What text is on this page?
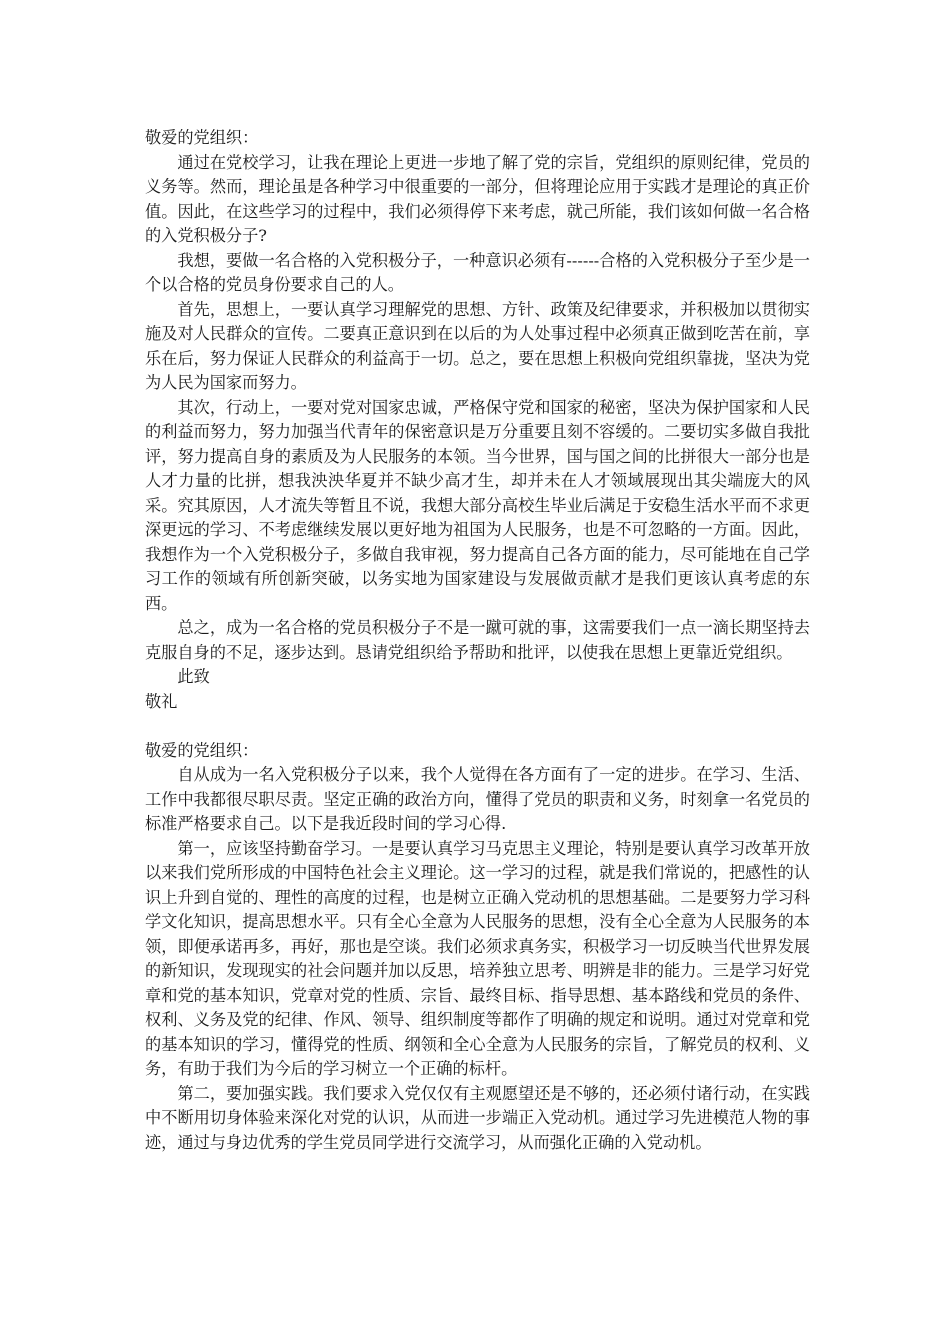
敬爱的党组织：

通过在党校学习，让我在理论上更进一步地了解了党的宗旨，党组织的原则纪律，党员的义务等。然而，理论虽是各种学习中很重要的一部分，但将理论应用于实践才是理论的真正价值。因此，在这些学习的过程中，我们必须得停下来考虑，就己所能，我们该如何做一名合格的入党积极分子?

我想，要做一名合格的入党积极分子，一种意识必须有------合格的入党积极分子至少是一个以合格的党员身份要求自己的人。

首先，思想上，一要认真学习理解党的思想、方针、政策及纪律要求，并积极加以贯彻实施及对人民群众的宣传。二要真正意识到在以后的为人处事过程中必须真正做到吃苦在前，享乐在后，努力保证人民群众的利益高于一切。总之，要在思想上积极向党组织靠拢，坚决为党为人民为国家而努力。

其次，行动上，一要对党对国家忠诚，严格保守党和国家的秘密，坚决为保护国家和人民的利益而努力，努力加强当代青年的保密意识是万分重要且刻不容缓的。二要切实多做自我批评，努力提高自身的素质及为人民服务的本领。当今世界，国与国之间的比拼很大一部分也是人才力量的比拼，想我泱泱华夏并不缺少高才生，却并未在人才领域展现出其尖端庞大的风采。究其原因，人才流失等暂且不说，我想大部分高校生毕业后满足于安稳生活水平而不求更深更远的学习、不考虑继续发展以更好地为祖国为人民服务，也是不可忽略的一方面。因此，我想作为一个入党积极分子，多做自我审视，努力提高自己各方面的能力，尽可能地在自己学习工作的领域有所创新突破，以务实地为国家建设与发展做贡献才是我们更该认真考虑的东西。

总之，成为一名合格的党员积极分子不是一蹴可就的事，这需要我们一点一滴长期坚持去克服自身的不足，逐步达到。恳请党组织给予帮助和批评，以使我在思想上更靠近党组织。

此致

敬礼

敬爱的党组织：

自从成为一名入党积极分子以来，我个人觉得在各方面有了一定的进步。在学习、生活、工作中我都很尽职尽责。坚定正确的政治方向，懂得了党员的职责和义务，时刻拿一名党员的标准严格要求自己。以下是我近段时间的学习心得.

第一，应该坚持勤奋学习。一是要认真学习马克思主义理论，特别是要认真学习改革开放以来我们党所形成的中国特色社会主义理论。这一学习的过程，就是我们常说的，把感性的认识上升到自觉的、理性的高度的过程，也是树立正确入党动机的思想基础。二是要努力学习科学文化知识，提高思想水平。只有全心全意为人民服务的思想，没有全心全意为人民服务的本领，即便承诺再多，再好，那也是空谈。我们必须求真务实，积极学习一切反映当代世界发展的新知识，发现现实的社会问题并加以反思，培养独立思考、明辨是非的能力。三是学习好党章和党的基本知识，党章对党的性质、宗旨、最终目标、指导思想、基本路线和党员的条件、权利、义务及党的纪律、作风、领导、组织制度等都作了明确的规定和说明。通过对党章和党的基本知识的学习，懂得党的性质、纲领和全心全意为人民服务的宗旨，了解党员的权利、义务，有助于我们为今后的学习树立一个正确的标杆。

第二，要加强实践。我们要求入党仅仅有主观愿望还是不够的，还必须付诸行动，在实践中不断用切身体验来深化对党的认识，从而进一步端正入党动机。通过学习先进模范人物的事迹，通过与身边优秀的学生党员同学进行交流学习，从而强化正确的入党动机。
